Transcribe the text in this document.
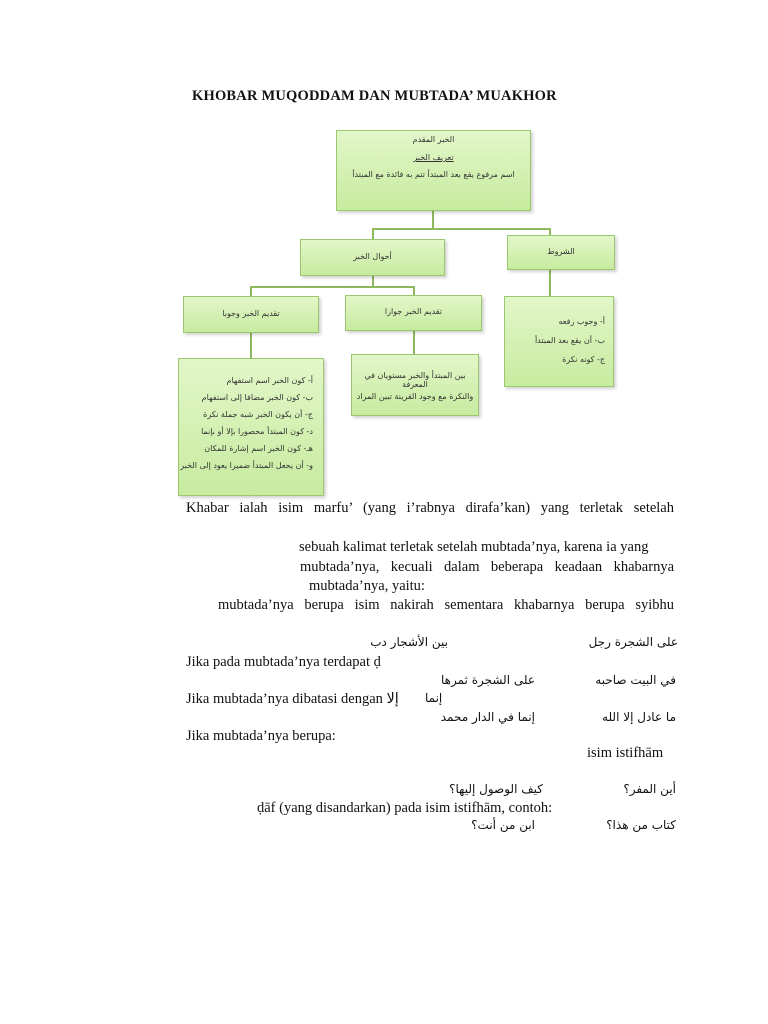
KHOBAR MUQODDAM DAN MUBTADA’ MUAKHOR
الخبر المقدم
تعريف الخبر
اسم مرفوع يقع بعد المبتدأ تتم به فائدة مع المبتدأ
أحوال الخبر
الشروط
تقديم الخبر وجوبا	تقديم الخبر جوازا
أ- وجوب رفعه
ب- أن يقع بعد المبتدأ
ج- كونه نكرة
أ- كون الخبر اسم استفهام
ب- كون الخبر مضافا إلى استفهام
ج- أن يكون الخبر شبه جملة نكرة
د- كون المبتدأ محصورا بإلا أو بإنما
هـ- كون الخبر اسم إشارة للمكان
و- أن يحعل المبتدأ ضميرا يعود إلى الخبر
بين المبتدأ والخبر مستويان في المعرفة
والنكرة مع وجود القرينة تبين المراد
Khabar ialah isim marfu’ (yang i’rabnya dirafa’kan) yang terletak setelah
sebuah kalimat terletak setelah mubtada’nya, karena ia yang
mubtada’nya, kecuali dalam beberapa keadaan khabarnya
mubtada’nya, yaitu:
mubtada’nya berupa isim nakirah sementara khabarnya berupa syibhu
على الشجرة رجل
بين الأشجار دب
Jika pada mubtada’nya terdapat ḍ
في البيت صاحبه
على الشجرة ثمرها
Jika mubtada’nya dibatasi dengan إلا إنما
ما عادل إلا الله
إنما في الدار محمد
Jika mubtada’nya berupa:
isim istifhām
أين المفر؟
كيف الوصول إليها؟
ḍāf (yang disandarkan) pada isim istifhām, contoh:
كتاب من هذا؟
ابن من أنت؟
